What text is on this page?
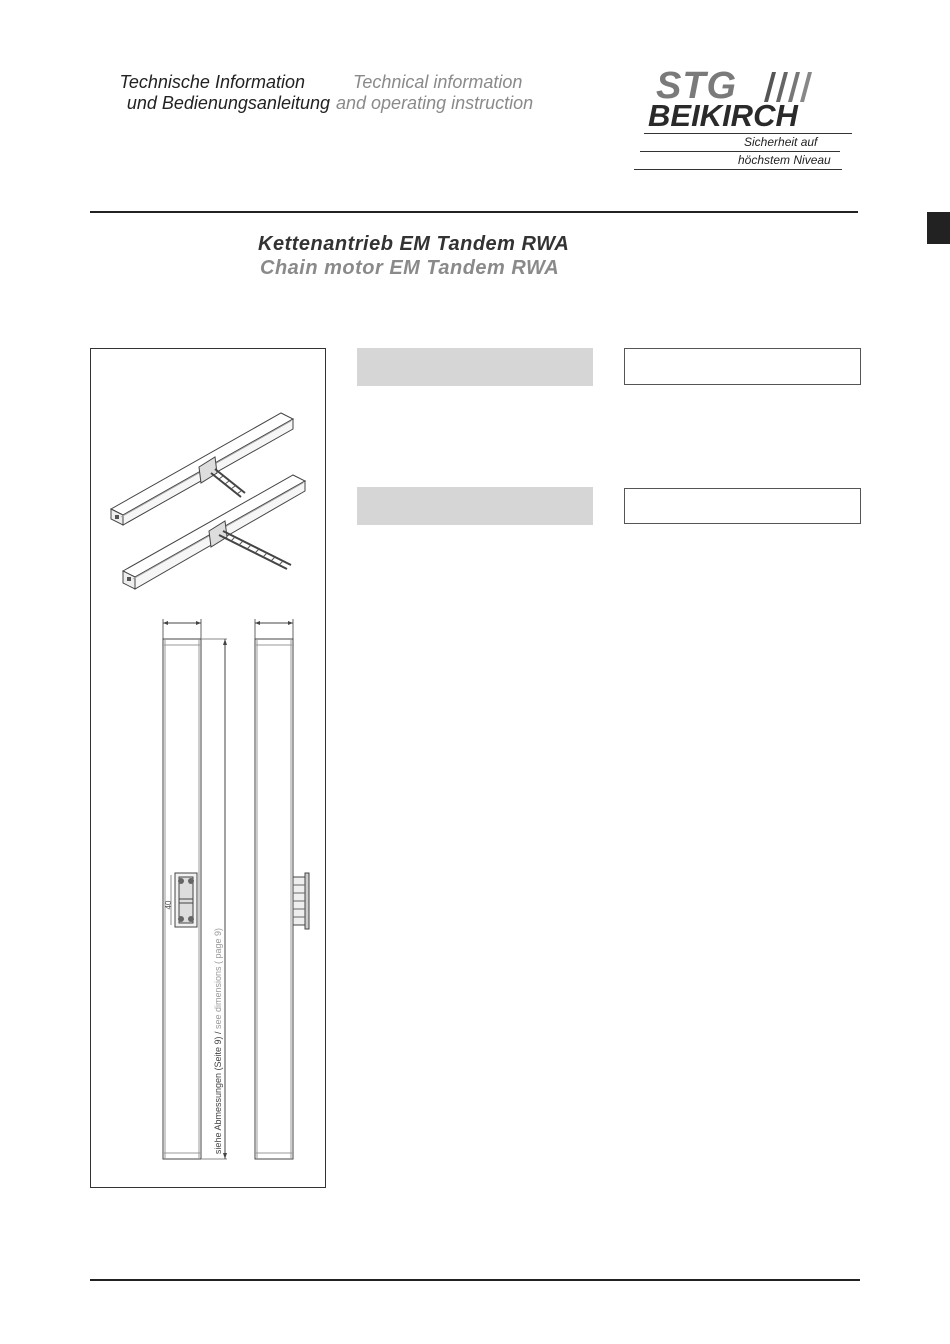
Technische Information
und Bedienungsanleitung
Technical information
and operating instruction	STG
BEIKIRCH
Sicherheit auf
höchstem Niveau
Kettenantrieb EM Tandem RWA
Chain motor EM Tandem RWA
40
siehe Abmessungen (Seite 9) / see dimensions ( page 9)
